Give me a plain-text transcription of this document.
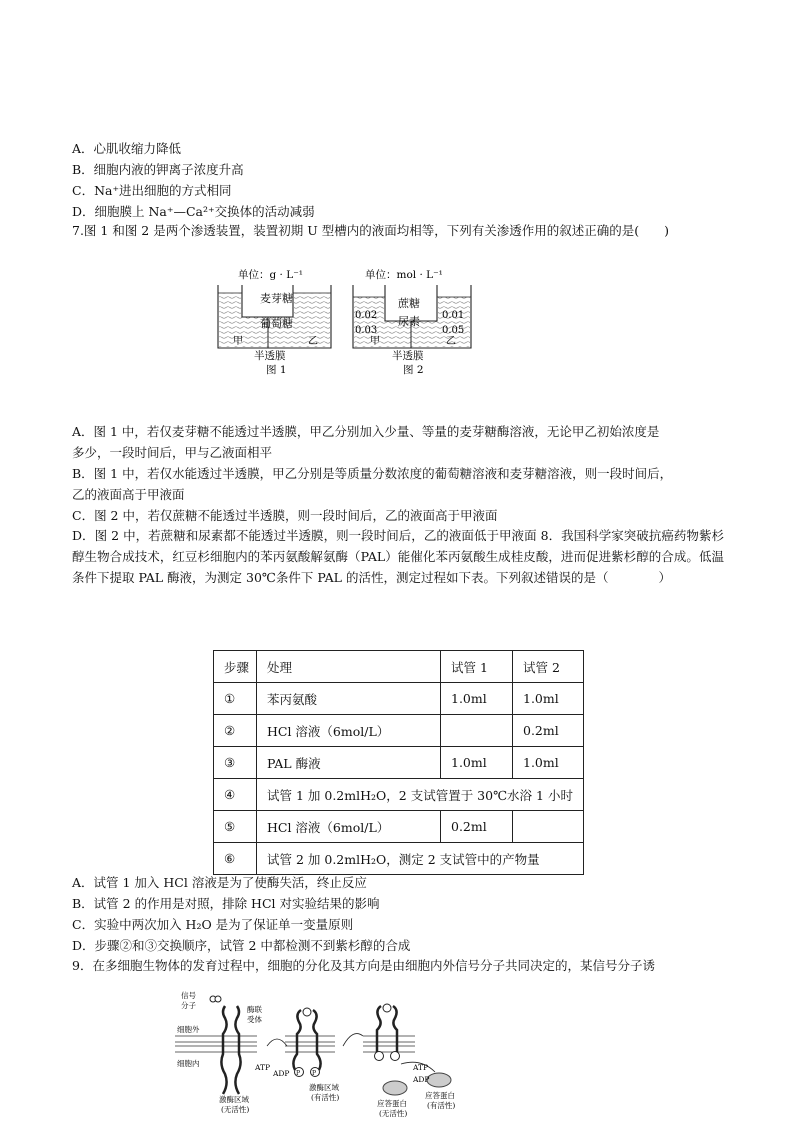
A．心肌收缩力降低
B．细胞内液的钾离子浓度升高
C．Na⁺进出细胞的方式相同
D．细胞膜上 Na⁺—Ca²⁺交换体的活动减弱
7.图 1 和图 2 是两个渗透装置，装置初期 U 型槽内的液面均相等，下列有关渗透作用的叙述正确的是(　　)
单位：g · L⁻¹
麦芽糖
葡萄糖
甲	乙
半透膜
图 1
单位：mol · L⁻¹
蔗糖
尿素
0.02
0.03
0.01
0.05
甲	乙
半透膜
图 2
A．图 1 中，若仅麦芽糖不能透过半透膜，甲乙分别加入少量、等量的麦芽糖酶溶液，无论甲乙初始浓度是
多少，一段时间后，甲与乙液面相平
B．图 1 中，若仅水能透过半透膜，甲乙分别是等质量分数浓度的葡萄糖溶液和麦芽糖溶液，则一段时间后，
乙的液面高于甲液面
C．图 2 中，若仅蔗糖不能透过半透膜，则一段时间后，乙的液面高于甲液面
D．图 2 中，若蔗糖和尿素都不能透过半透膜，则一段时间后，乙的液面低于甲液面 8．我国科学家突破抗癌药物紫杉醇生物合成技术，红豆杉细胞内的苯丙氨酸解氨酶（PAL）能催化苯丙氨酸生成桂皮酸，进而促进紫杉醇的合成。低温条件下提取 PAL 酶液，为测定 30℃条件下 PAL 的活性，测定过程如下表。下列叙述错误的是（　　　　）
步骤	处理	试管 1	试管 2
①	苯丙氨酸	1.0ml	1.0ml
②	HCl 溶液（6mol/L）		0.2ml
③	PAL 酶液	1.0ml	1.0ml
④	试管 1 加 0.2mlH₂O，2 支试管置于 30℃水浴 1 小时		
⑤	HCl 溶液（6mol/L）	0.2ml	
⑥	试管 2 加 0.2mlH₂O，测定 2 支试管中的产物量		
A．试管 1 加入 HCl 溶液是为了使酶失活，终止反应
B．试管 2 的作用是对照，排除 HCl 对实验结果的影响
C．实验中两次加入 H₂O 是为了保证单一变量原则
D．步骤②和③交换顺序，试管 2 中都检测不到紫杉醇的合成
9．在多细胞生物体的发育过程中，细胞的分化及其方向是由细胞内外信号分子共同决定的，某信号分子诱
P P
信号
分子	酶联
受体
细胞外
细胞内	ATP
ADP
激酶区域
(无活性)
激酶区域
(有活性)
ATP
ADP
应答蛋白
(无活性)
应答蛋白
(有活性)
